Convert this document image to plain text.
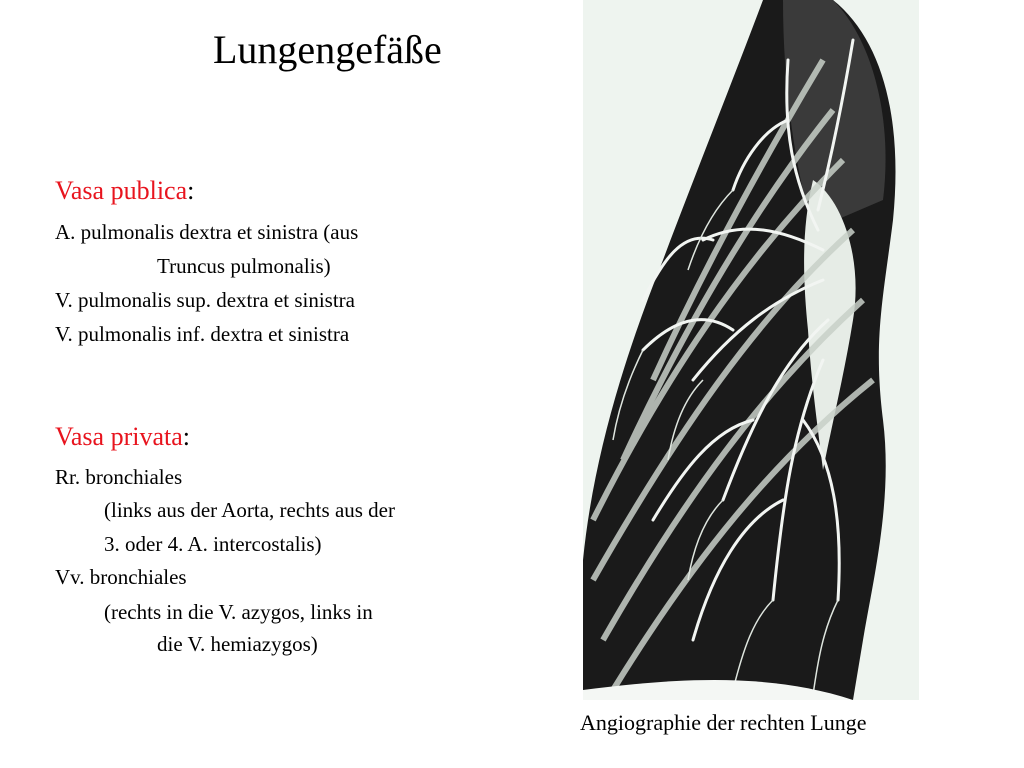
Lungengefäße
Vasa publica:
A. pulmonalis dextra et sinistra (aus
Truncus pulmonalis)
V. pulmonalis sup. dextra et sinistra
V. pulmonalis inf. dextra et sinistra
Vasa privata:
Rr. bronchiales
(links aus der Aorta, rechts aus der
3. oder 4. A. intercostalis)
Vv. bronchiales
(rechts in die V. azygos, links in
die V. hemiazygos)
Angiographie der rechten Lunge
